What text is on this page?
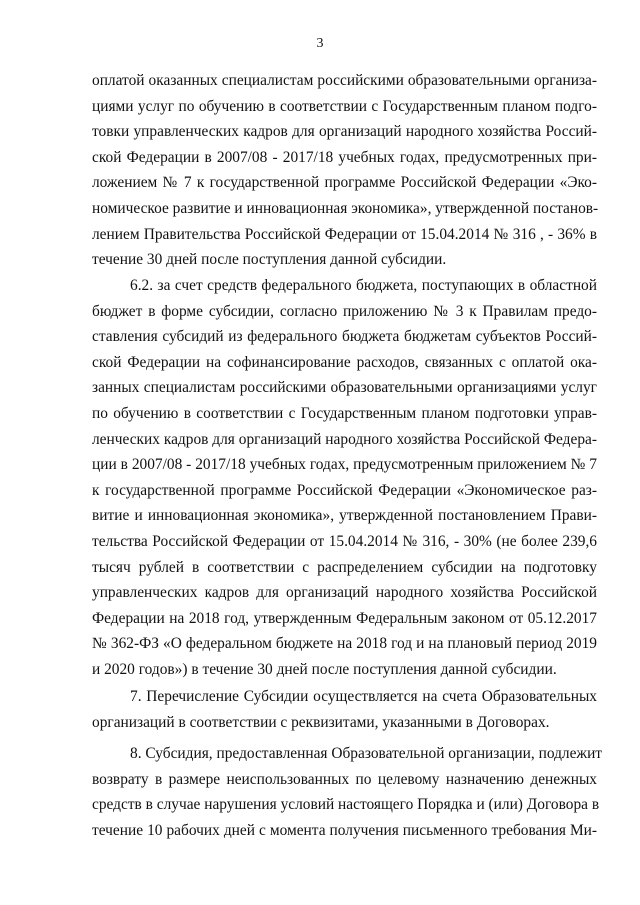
3
оплатой оказанных специалистам российскими образовательными организа-
циями услуг по обучению в соответствии с Государственным планом подго-
товки управленческих кадров для организаций народного хозяйства Россий-
ской Федерации в 2007/08 - 2017/18 учебных годах, предусмотренных при-
ложением № 7 к государственной программе Российской Федерации «Эко-
номическое развитие и инновационная экономика», утвержденной постанов-
лением Правительства Российской Федерации от 15.04.2014 № 316 , - 36% в
течение 30 дней после поступления данной субсидии.
6.2. за счет средств федерального бюджета, поступающих в областной
бюджет в форме субсидии, согласно приложению № 3 к Правилам предо-
ставления субсидий из федерального бюджета бюджетам субъектов Россий-
ской Федерации на софинансирование расходов, связанных с оплатой ока-
занных специалистам российскими образовательными организациями услуг
по обучению в соответствии с Государственным планом подготовки управ-
ленческих кадров для организаций народного хозяйства Российской Федера-
ции в 2007/08 - 2017/18 учебных годах, предусмотренным приложением № 7
к государственной программе Российской Федерации «Экономическое раз-
витие и инновационная экономика», утвержденной постановлением Прави-
тельства Российской Федерации от 15.04.2014 № 316, - 30% (не более 239,6
тысяч рублей в соответствии с распределением субсидии на подготовку
управленческих кадров для организаций народного хозяйства Российской
Федерации на 2018 год, утвержденным Федеральным законом от 05.12.2017
№ 362-ФЗ «О федеральном бюджете на 2018 год и на плановый период 2019
и 2020 годов») в течение 30 дней после поступления данной субсидии.
7. Перечисление Субсидии осуществляется на счета Образовательных
организаций в соответствии с реквизитами, указанными в Договорах.
8. Субсидия, предоставленная Образовательной организации, подлежит
возврату в размере неиспользованных по целевому назначению денежных
средств в случае нарушения условий настоящего Порядка и (или) Договора в
течение 10 рабочих дней с момента получения письменного требования Ми-
